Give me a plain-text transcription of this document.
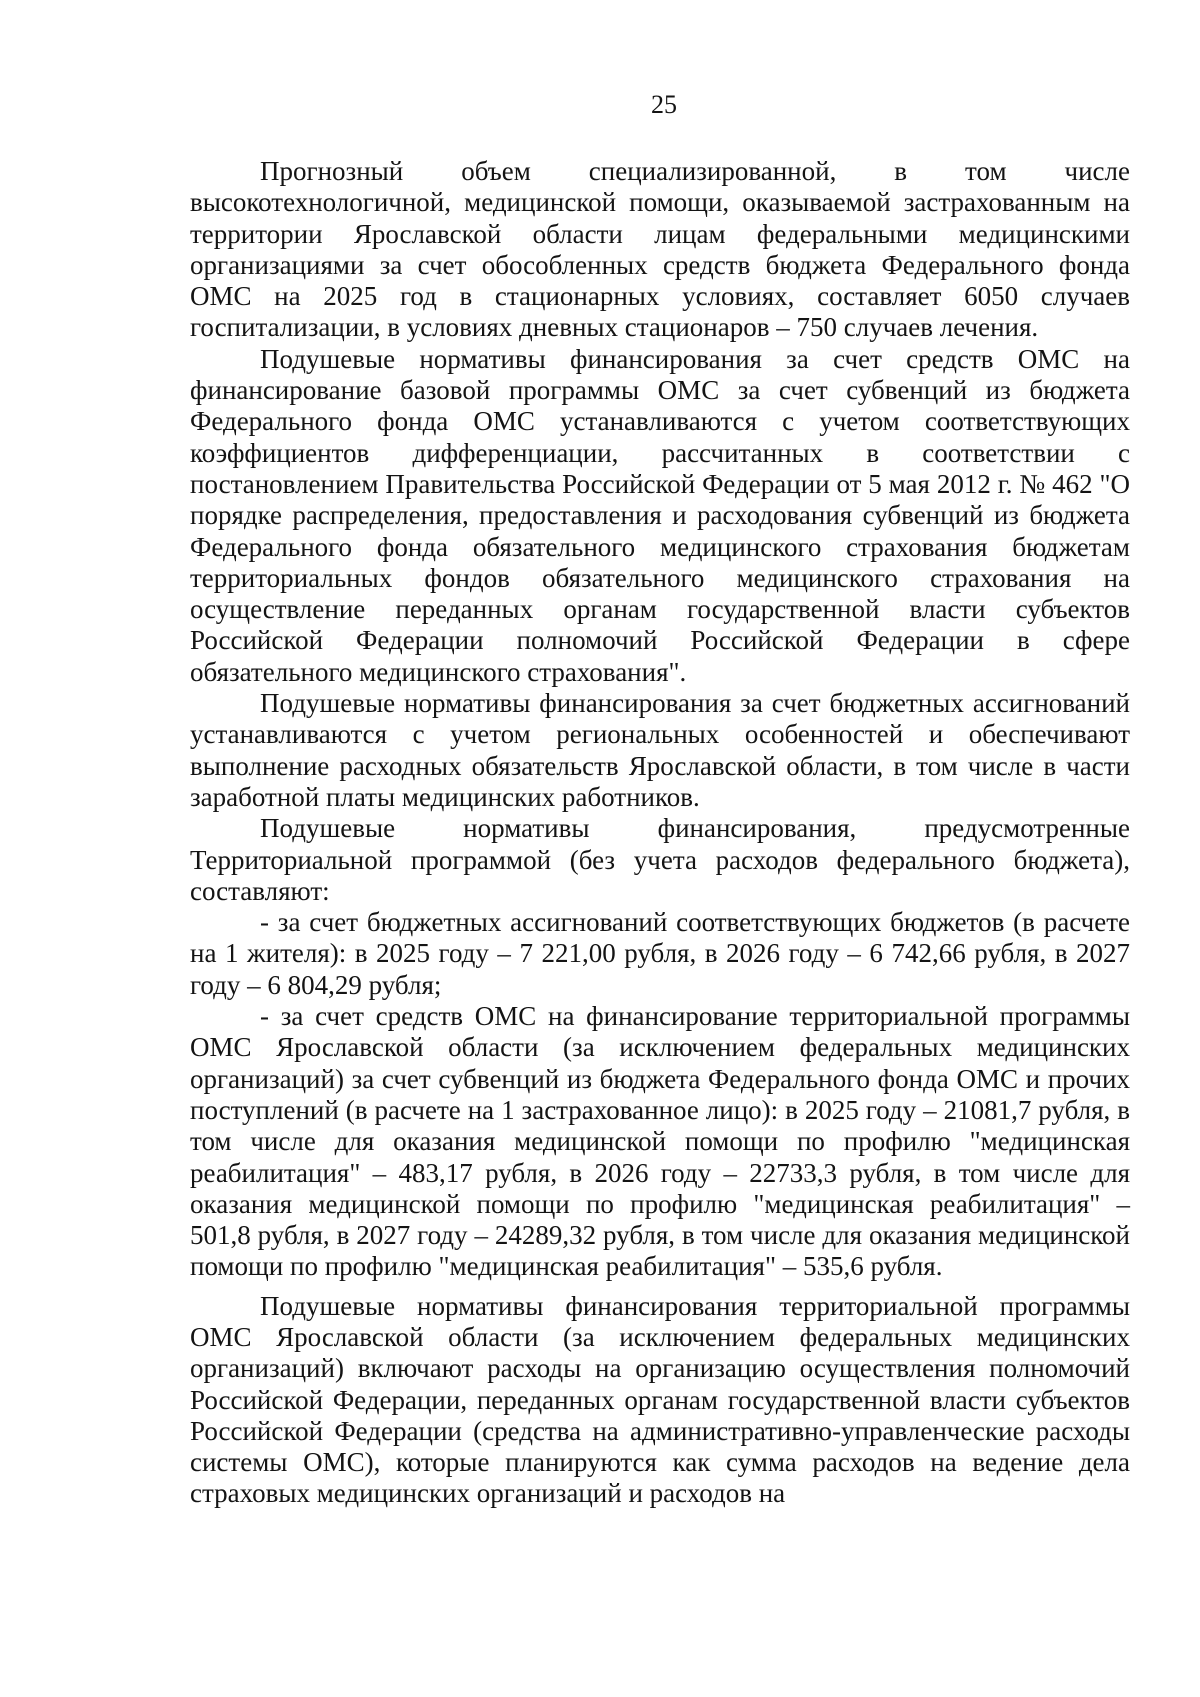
25

Прогнозный объем специализированной, в том числе высокотехнологичной, медицинской помощи, оказываемой застрахованным на территории Ярославской области лицам федеральными медицинскими организациями за счет обособленных средств бюджета Федерального фонда ОМС на 2025 год в стационарных условиях, составляет 6050 случаев госпитализации, в условиях дневных стационаров – 750 случаев лечения.

Подушевые нормативы финансирования за счет средств ОМС на финансирование базовой программы ОМС за счет субвенций из бюджета Федерального фонда ОМС устанавливаются с учетом соответствующих коэффициентов дифференциации, рассчитанных в соответствии с постановлением Правительства Российской Федерации от 5 мая 2012 г. № 462 "О порядке распределения, предоставления и расходования субвенций из бюджета Федерального фонда обязательного медицинского страхования бюджетам территориальных фондов обязательного медицинского страхования на осуществление переданных органам государственной власти субъектов Российской Федерации полномочий Российской Федерации в сфере обязательного медицинского страхования".

Подушевые нормативы финансирования за счет бюджетных ассигнований устанавливаются с учетом региональных особенностей и обеспечивают выполнение расходных обязательств Ярославской области, в том числе в части заработной платы медицинских работников.

Подушевые нормативы финансирования, предусмотренные Территориальной программой (без учета расходов федерального бюджета), составляют:

- за счет бюджетных ассигнований соответствующих бюджетов (в расчете на 1 жителя): в 2025 году – 7 221,00 рубля, в 2026 году – 6 742,66 рубля, в 2027 году – 6 804,29 рубля;

- за счет средств ОМС на финансирование территориальной программы ОМС Ярославской области (за исключением федеральных медицинских организаций) за счет субвенций из бюджета Федерального фонда ОМС и прочих поступлений (в расчете на 1 застрахованное лицо): в 2025 году – 21081,7 рубля, в том числе для оказания медицинской помощи по профилю "медицинская реабилитация" – 483,17 рубля, в 2026 году – 22733,3 рубля, в том числе для оказания медицинской помощи по профилю "медицинская реабилитация" – 501,8 рубля, в 2027 году – 24289,32 рубля, в том числе для оказания медицинской помощи по профилю "медицинская реабилитация" – 535,6 рубля.

Подушевые нормативы финансирования территориальной программы ОМС Ярославской области (за исключением федеральных медицинских организаций) включают расходы на организацию осуществления полномочий Российской Федерации, переданных органам государственной власти субъектов Российской Федерации (средства на административно-управленческие расходы системы ОМС), которые планируются как сумма расходов на ведение дела страховых медицинских организаций и расходов на
